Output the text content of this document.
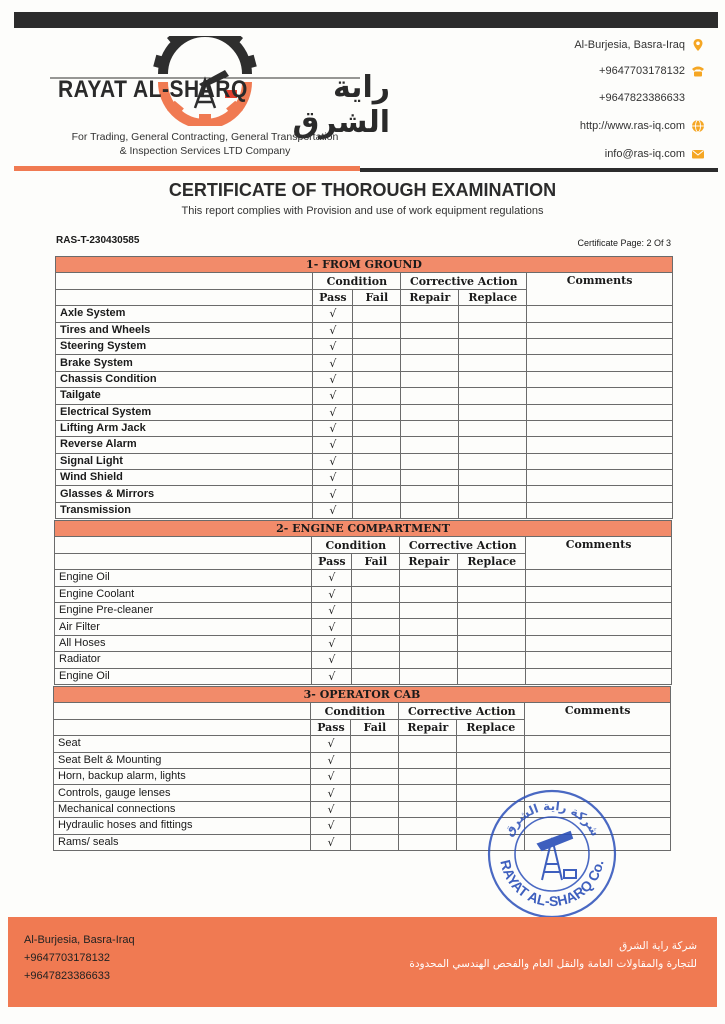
RAYAT AL-SHARQ	راية الشرق
For Trading, General Contracting, General Transportation
& Inspection Services LTD Company
Al-Burjesia, Basra-Iraq
+9647703178132
+9647823386633
http://www.ras-iq.com
info@ras-iq.com
CERTIFICATE OF THOROUGH EXAMINATION
This report complies with Provision and use of work equipment regulations
RAS-T-230430585	Certificate Page: 2 Of 3
1- FROM GROUND					
	Condition		Corrective Action		Comments
	Pass	Fail	Repair	Replace	
Axle System	√				
Tires and Wheels	√				
Steering System	√				
Brake System	√				
Chassis Condition	√				
Tailgate	√				
Electrical System	√				
Lifting Arm Jack	√				
Reverse Alarm	√				
Signal Light	√				
Wind Shield	√				
Glasses & Mirrors	√				
Transmission	√				
2- ENGINE COMPARTMENT					
	Condition		Corrective Action		Comments
	Pass	Fail	Repair	Replace	
Engine Oil	√				
Engine Coolant	√				
Engine Pre-cleaner	√				
Air Filter	√				
All Hoses	√				
Radiator	√				
Engine Oil	√				
3- OPERATOR CAB					
	Condition		Corrective Action		Comments
	Pass	Fail	Repair	Replace	
Seat	√				
Seat Belt & Mounting	√				
Horn, backup alarm, lights	√				
Controls, gauge lenses	√				
Mechanical connections	√				
Hydraulic hoses and fittings	√				
Rams/ seals	√				
RAYAT AL-SHARQ Co.
شركة راية الشرق
Al-Burjesia, Basra-Iraq
+9647703178132
+9647823386633
شركة راية الشرق
للتجارة والمقاولات العامة والنقل العام والفحص الهندسي المحدودة
